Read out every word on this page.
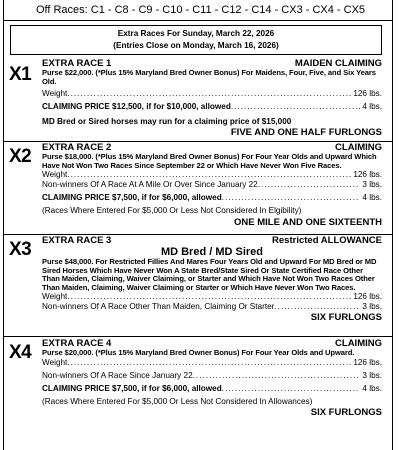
Off Races: C1 - C8 - C9 - C10 - C11 - C12 - C14 - CX3 - CX4 - CX5
Extra Races For Sunday, March 22, 2026
(Entries Close on Monday, March 16, 2026)
X1
EXTRA RACE 1	MAIDEN CLAIMING
Purse $22,000. (*Plus 15% Maryland Bred Owner Bonus) For Maidens, Four, Five, and Six Years Old.
Weight .....	126 lbs.
CLAIMING PRICE $12,500, if for $10,000, allowed .....	4 lbs.
MD Bred or Sired horses may run for a claiming price of $15,000
FIVE AND ONE HALF FURLONGS
X2 EXTRA RACE 2	CLAIMING
Purse $18,000. (*Plus 15% Maryland Bred Owner Bonus) For Four Year Olds and Upward Which Have Not Won Two Races Since September 22 or Which Have Never Won Five Races.
Weight .....	126 lbs.
Non-winners Of A Race At A Mile Or Over Since January 22 .....	3 lbs.
CLAIMING PRICE $7,500, if for $6,000, allowed .....	4 lbs.
(Races Where Entered For $5,000 Or Less Not Considered In Elgibility)
ONE MILE AND ONE SIXTEENTH
X3 EXTRA RACE 3	Restricted ALLOWANCE
MD Bred / MD Sired
Purse $48,000. For Restricted Fillies And Mares Four Years Old and Upward For MD Bred or MD Sired Horses Which Have Never Won A State Bred/State Sired Or State Certified Race Other Than Maiden, Claiming, Waiver Claiming, or Starter and Which Have Not Won Two Races Other Than Maiden, Claiming, Waiver Claiming or Starter or Which Have Never Won Two Races.
Weight .....	126 lbs.
Non-winners Of A Race Other Than Maiden, Claiming Or Starter .....	3 lbs.
SIX FURLONGS
X4 EXTRA RACE 4	CLAIMING
Purse $20,000. (*Plus 15% Maryland Bred Owner Bonus) For Four Year Olds and Upward.
Weight .....	126 lbs.
Non-winners Of A Race Since January 22 .....	3 lbs.
CLAIMING PRICE $7,500, if for $6,000, allowed .....	4 lbs.
(Races Where Entered For $5,000 Or Less Not Considered In Allowances)
SIX FURLONGS
